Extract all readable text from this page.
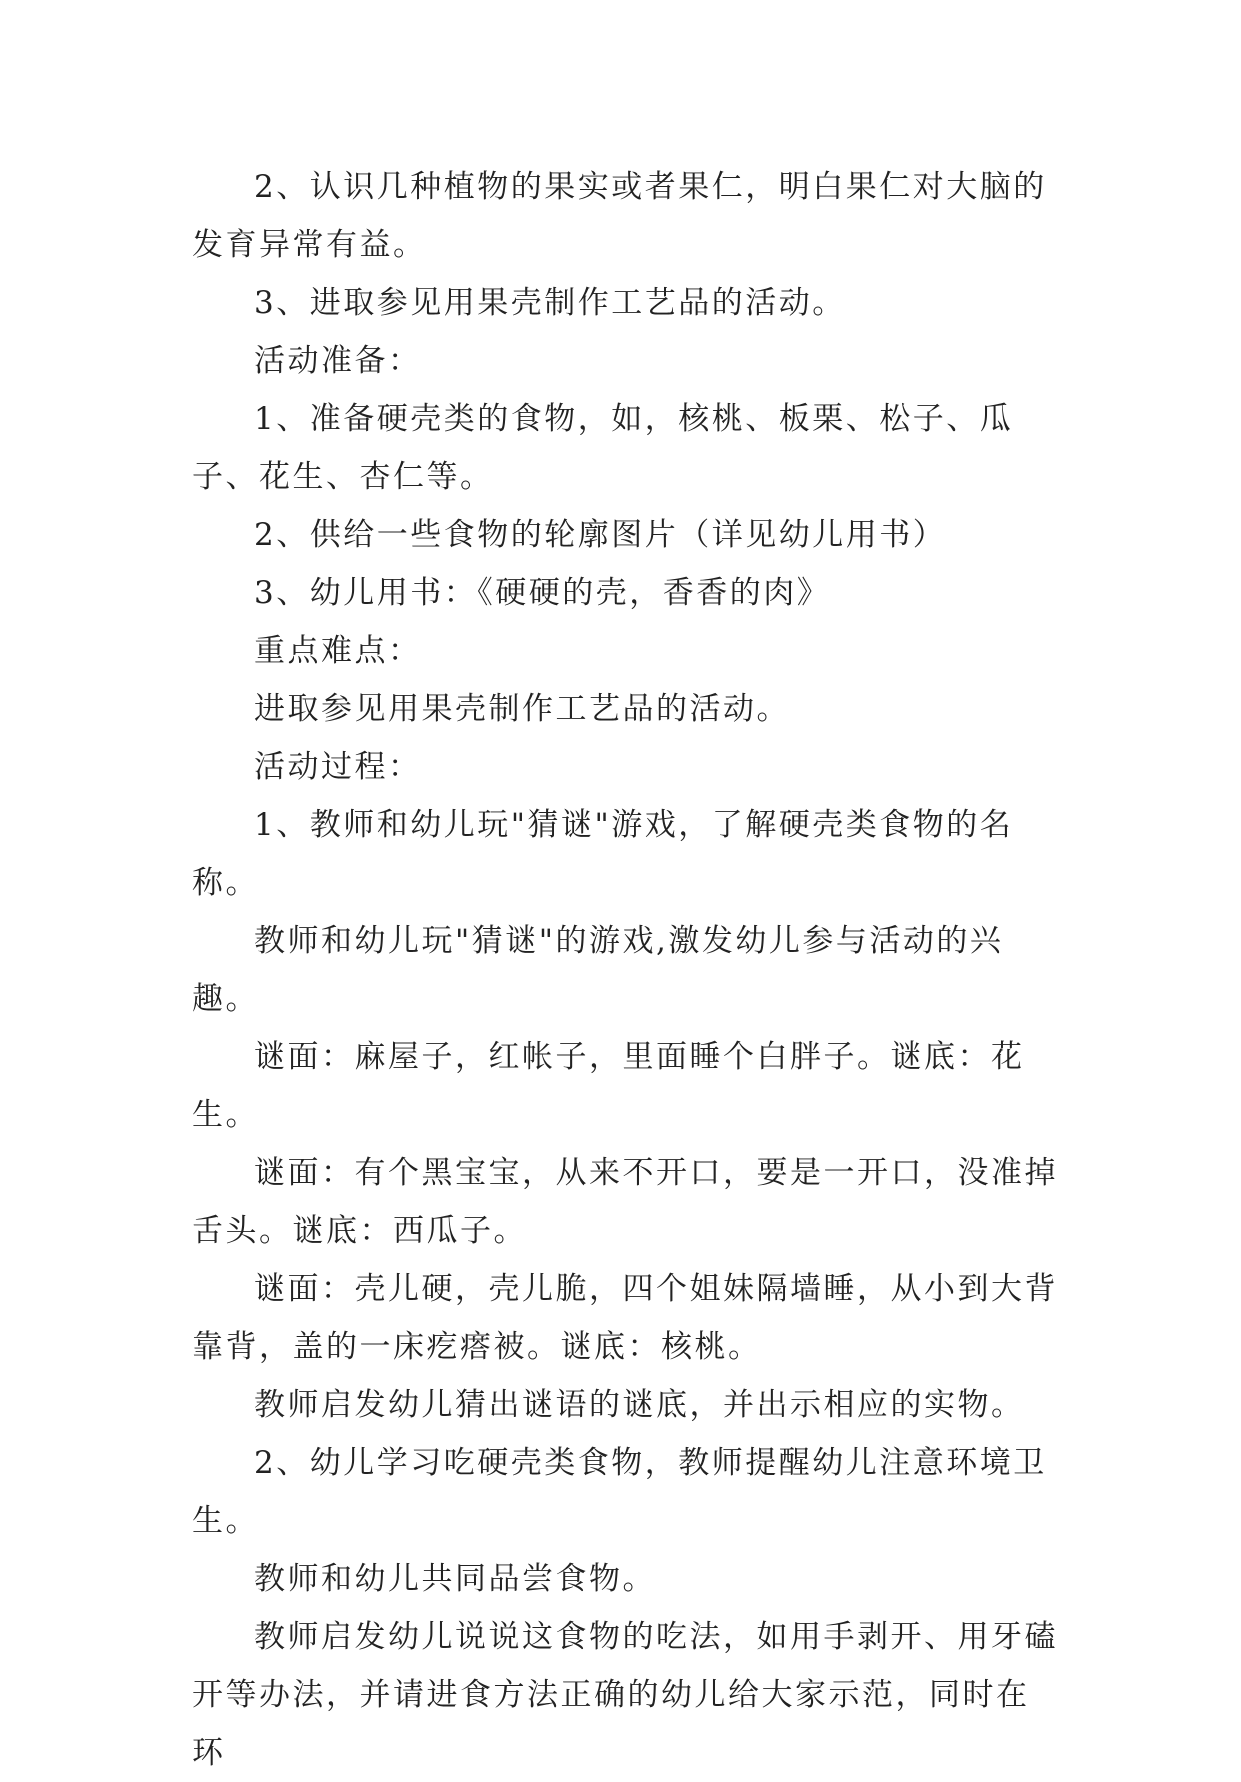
2、认识几种植物的果实或者果仁，明白果仁对大脑的发育异常有益。

3、进取参见用果壳制作工艺品的活动。

活动准备：

1、准备硬壳类的食物，如，核桃、板栗、松子、瓜子、花生、杏仁等。

2、供给一些食物的轮廓图片（详见幼儿用书）

3、幼儿用书：《硬硬的壳，香香的肉》

重点难点：

进取参见用果壳制作工艺品的活动。

活动过程：

1、教师和幼儿玩"猜谜"游戏，了解硬壳类食物的名称。

教师和幼儿玩"猜谜"的游戏,激发幼儿参与活动的兴趣。

谜面：麻屋子，红帐子，里面睡个白胖子。谜底：花生。

谜面：有个黑宝宝，从来不开口，要是一开口，没准掉舌头。谜底：西瓜子。

谜面：壳儿硬，壳儿脆，四个姐妹隔墙睡，从小到大背靠背，盖的一床疙瘩被。谜底：核桃。

教师启发幼儿猜出谜语的谜底，并出示相应的实物。

2、幼儿学习吃硬壳类食物，教师提醒幼儿注意环境卫生。

教师和幼儿共同品尝食物。

教师启发幼儿说说这食物的吃法，如用手剥开、用牙磕开等办法，并请进食方法正确的幼儿给大家示范，同时在环
